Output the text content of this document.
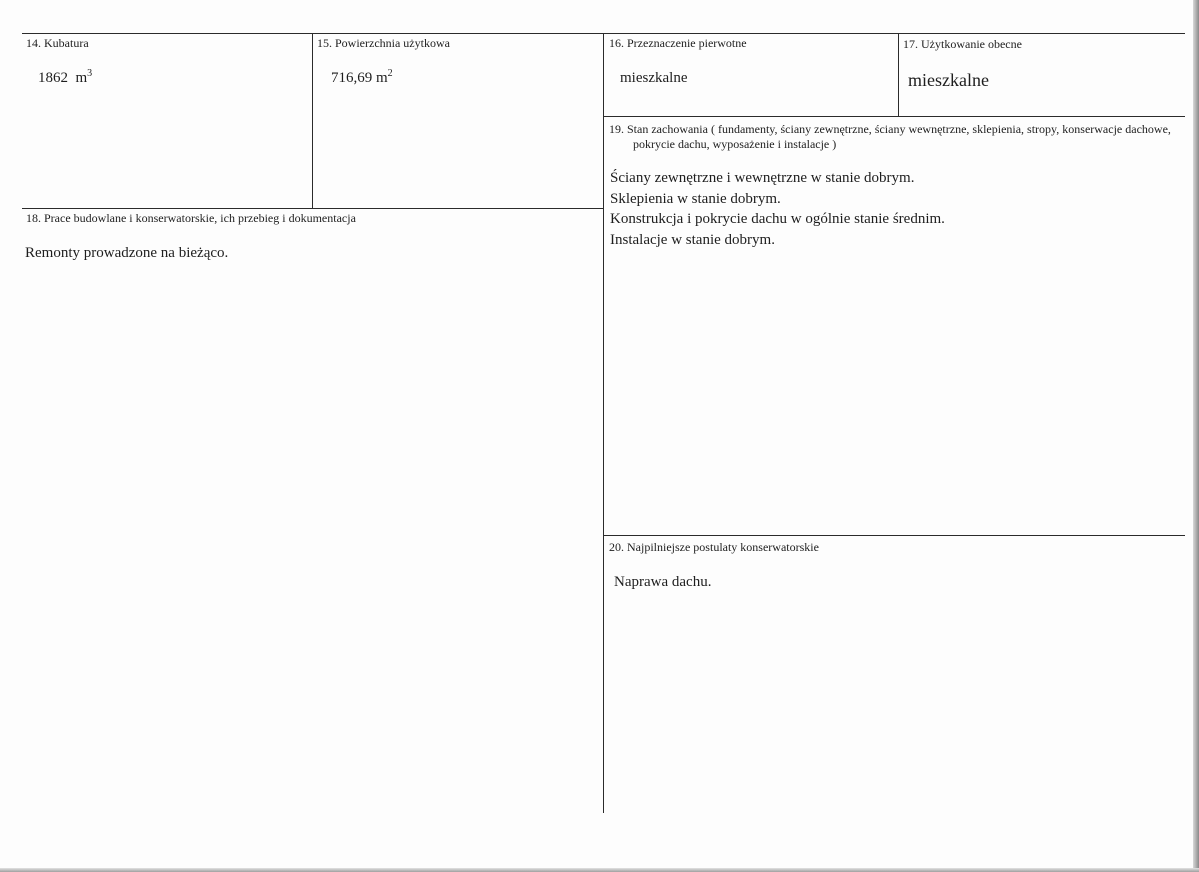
14. Kubatura
1862 $m^3$
15. Powierzchnia użytkowa
716,69 $m^2$
16. Przeznaczenie pierwotne
mieszkalne
17. Użytkowanie obecne
mieszkalne
19. Stan zachowania ( fundamenty, ściany zewnętrzne, ściany wewnętrzne, sklepienia, stropy, konserwacje dachowe, pokrycie dachu, wyposażenie i instalacje )
Ściany zewnętrzne i wewnętrzne w stanie dobrym.
Sklepienia w stanie dobrym.
Konstrukcja i pokrycie dachu w ogólnie stanie średnim.
Instalacje w stanie dobrym.
18. Prace budowlane i konserwatorskie, ich przebieg i dokumentacja
Remonty prowadzone na bieżąco.
20. Najpilniejsze postulaty konserwatorskie
Naprawa dachu.
